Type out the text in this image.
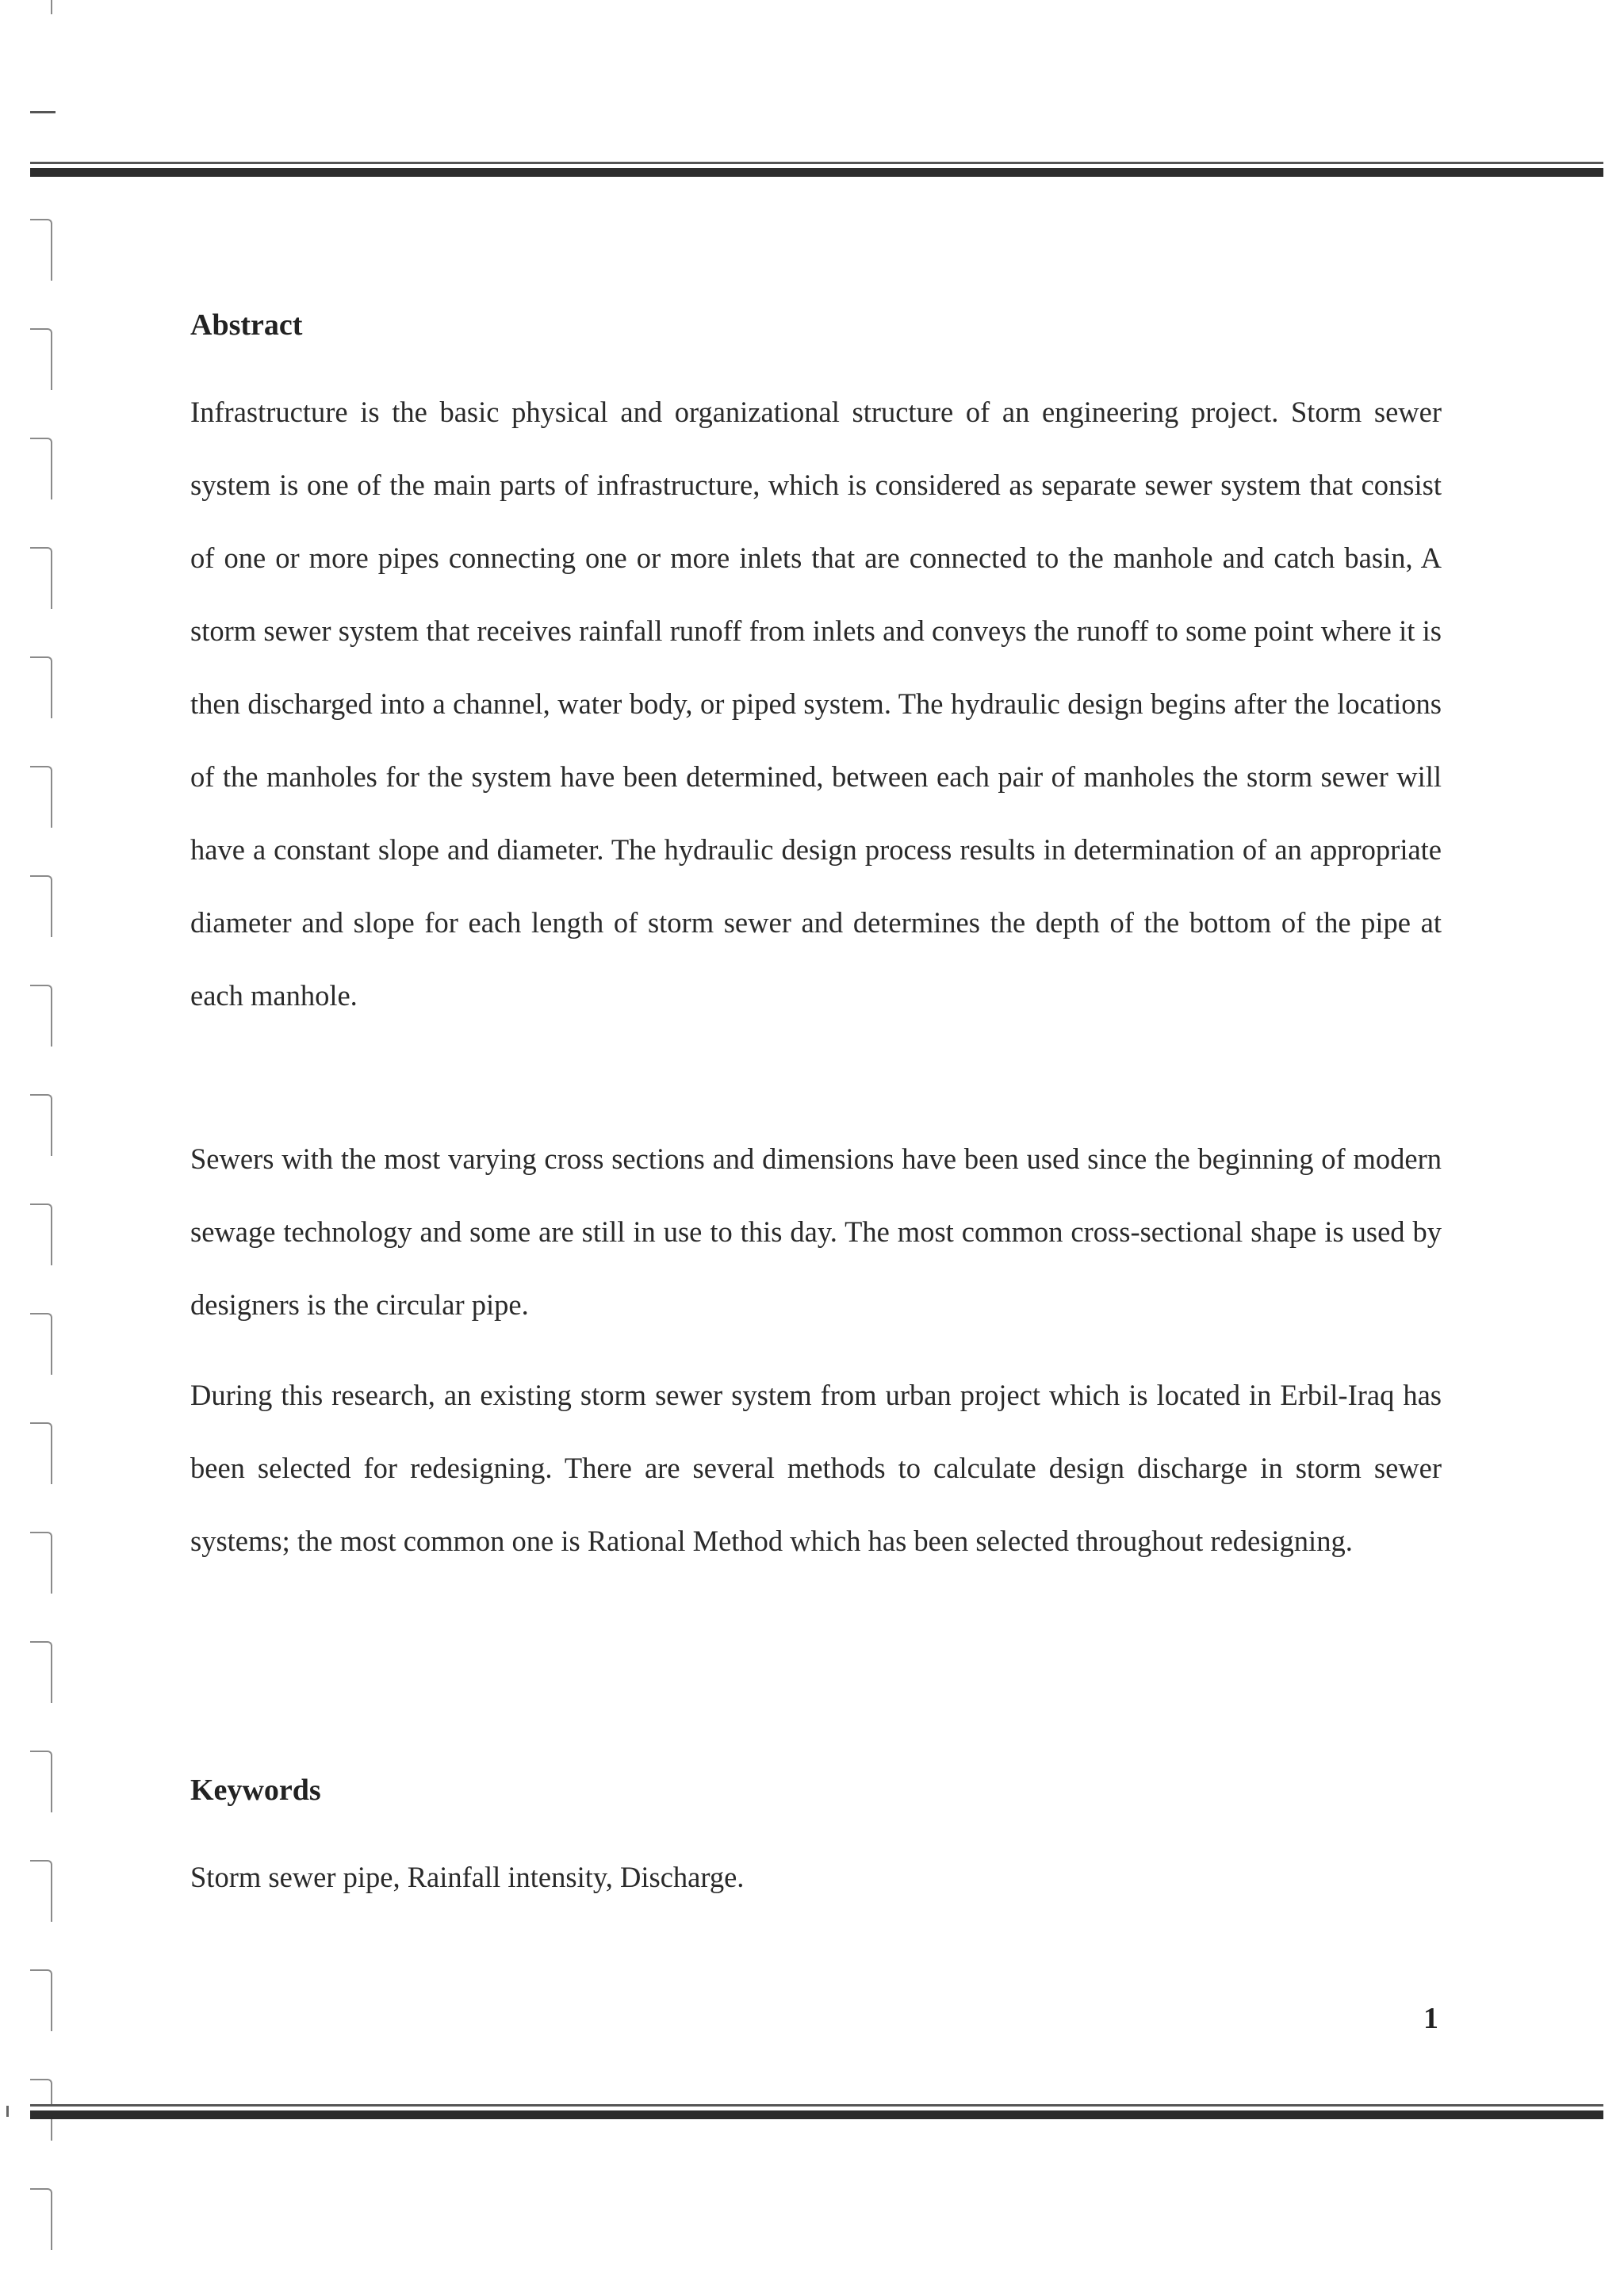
Abstract

Infrastructure is the basic physical and organizational structure of an engineering project. Storm sewer system is one of the main parts of infrastructure, which is considered as separate sewer system that consist of one or more pipes connecting one or more inlets that are connected to the manhole and catch basin, A storm sewer system that receives rainfall runoff from inlets and conveys the runoff to some point where it is then discharged into a channel, water body, or piped system. The hydraulic design begins after the locations of the manholes for the system have been determined, between each pair of manholes the storm sewer will have a constant slope and diameter. The hydraulic design process results in determination of an appropriate diameter and slope for each length of storm sewer and determines the depth of the bottom of the pipe at each manhole.

Sewers with the most varying cross sections and dimensions have been used since the beginning of modern sewage technology and some are still in use to this day. The most common cross-sectional shape is used by designers is the circular pipe.

During this research, an existing storm sewer system from urban project which is located in Erbil-Iraq has been selected for redesigning. There are several methods to calculate design discharge in storm sewer systems; the most common one is Rational Method which has been selected throughout redesigning.

Keywords

Storm sewer pipe, Rainfall intensity, Discharge.

1
